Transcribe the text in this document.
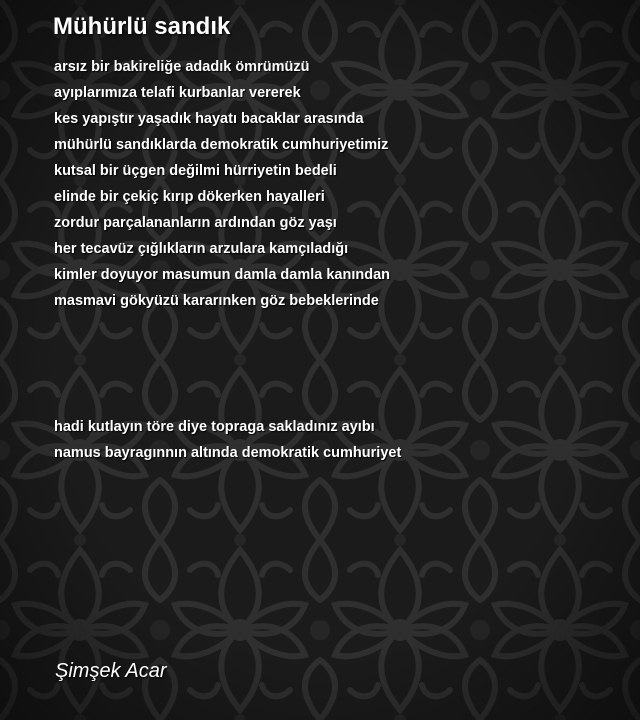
Mühürlü sandık
arsız bir bakireliğe adadık ömrümüzü
ayıplarımıza telafi kurbanlar vererek
kes yapıştır yaşadık hayatı bacaklar arasında
mühürlü sandıklarda demokratik cumhuriyetimiz
kutsal bir üçgen değilmi hürriyetin bedeli
elinde bir çekiç kırıp dökerken hayalleri
zordur parçalananların ardından göz yaşı
her tecavüz çığlıkların arzulara kamçıladığı
kimler doyuyor masumun damla damla kanından
masmavi gökyüzü kararınken göz bebeklerinde
hadi kutlayın töre diye topraga sakladınız ayıbı
namus bayragınnın altında demokratik cumhuriyet

Şimşek Acar
